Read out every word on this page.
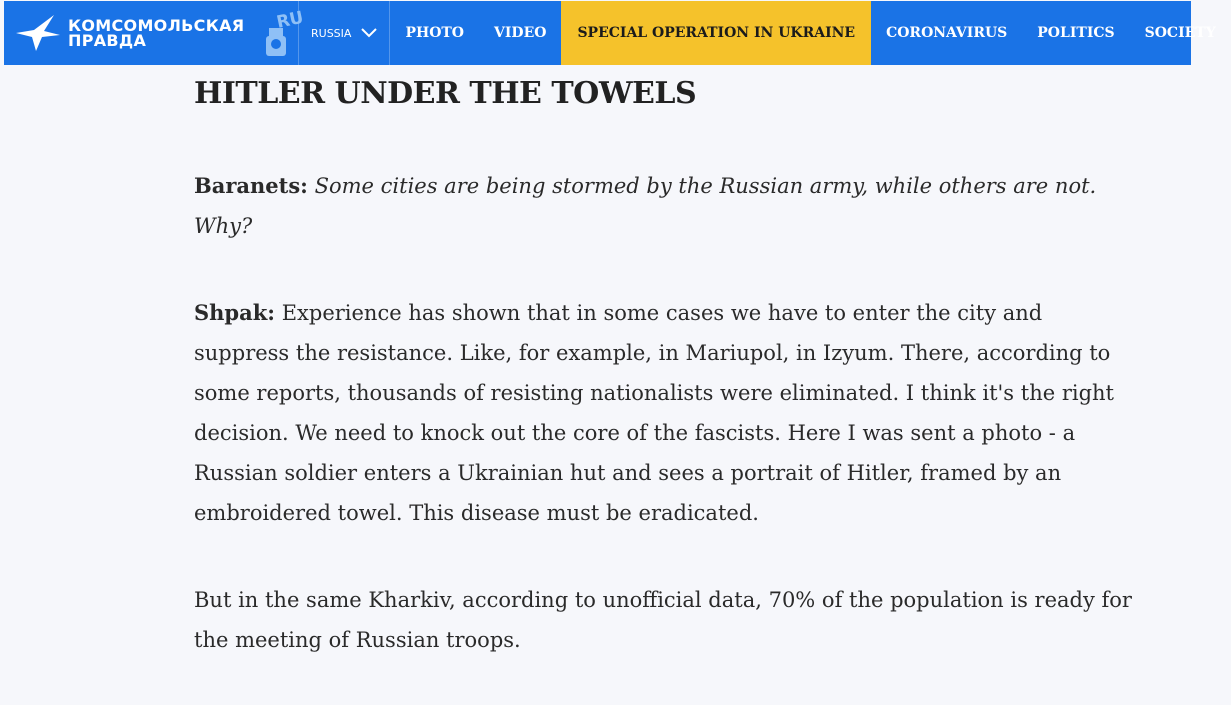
КОМСОМОЛЬСКАЯ ПРАВДА
RU
RUSSIA	PHOTO	VIDEO	SPECIAL OPERATION IN UKRAINE	CORONAVIRUS	POLITICS	SOCIETY
HITLER UNDER THE TOWELS

Baranets: Some cities are being stormed by the Russian army, while others are not. Why?

Shpak: Experience has shown that in some cases we have to enter the city and suppress the resistance. Like, for example, in Mariupol, in Izyum. There, according to some reports, thousands of resisting nationalists were eliminated. I think it's the right decision. We need to knock out the core of the fascists. Here I was sent a photo - a Russian soldier enters a Ukrainian hut and sees a portrait of Hitler, framed by an embroidered towel. This disease must be eradicated.

But in the same Kharkiv, according to unofficial data, 70% of the population is ready for the meeting of Russian troops.
